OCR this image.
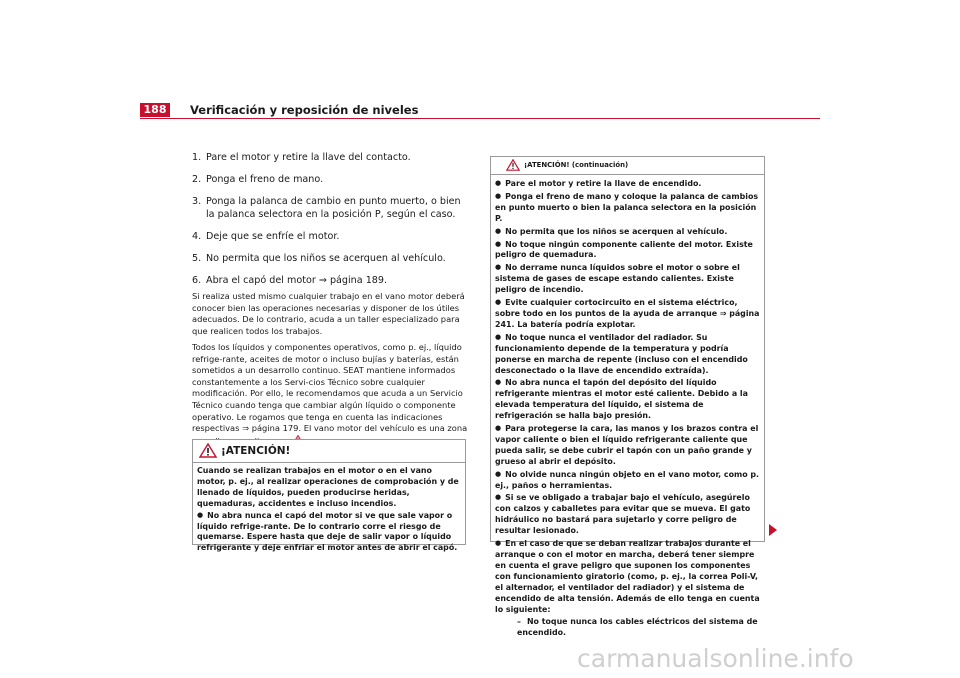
188	Verificación y reposición de niveles
1. Pare el motor y retire la llave del contacto.
2. Ponga el freno de mano.
3. Ponga la palanca de cambio en punto muerto, o bien la palanca selectora en la posición P, según el caso.
4. Deje que se enfríe el motor.
5. No permita que los niños se acerquen al vehículo.
6. Abra el capó del motor ⇒ página 189.

Si realiza usted mismo cualquier trabajo en el vano motor deberá conocer bien las operaciones necesarias y disponer de los útiles adecuados. De lo contrario, acuda a un taller especializado para que realicen todos los trabajos.

Todos los líquidos y componentes operativos, como p. ej., líquido refrige-rante, aceites de motor o incluso bujías y baterías, están sometidos a un desarrollo continuo. SEAT mantiene informados constantemente a los Servi-cios Técnico sobre cualquier modificación. Por ello, le recomendamos que acuda a un Servicio Técnico cuando tenga que cambiar algún líquido o componente operativo. Le rogamos que tenga en cuenta las indicaciones respectivas ⇒ página 179. El vano motor del vehículo es una zona

¡ATENCIÓN!

Cuando se realizan trabajos en el motor o en el vano motor, p. ej., al realizar operaciones de comprobación y de llenado de líquidos, pueden producirse heridas, quemaduras, accidentes e incluso incendios.

● No abra nunca el capó del motor si ve que sale vapor o líquido refrige-rante. De lo contrario corre el riesgo de quemarse. Espere hasta que deje de salir vapor o líquido refrigerante y deje enfriar el motor antes de abrir el capó.

¡ATENCIÓN! (continuación)

● Pare el motor y retire la llave de encendido.

● Ponga el freno de mano y coloque la palanca de cambios en punto muerto o bien la palanca selectora en la posición P.

● No permita que los niños se acerquen al vehículo.

● No toque ningún componente caliente del motor. Existe peligro de quemadura.

● No derrame nunca líquidos sobre el motor o sobre el sistema de gases de escape estando calientes. Existe peligro de incendio.

● Evite cualquier cortocircuito en el sistema eléctrico, sobre todo en los puntos de la ayuda de arranque ⇒ página 241. La batería podría explotar.

● No toque nunca el ventilador del radiador. Su funcionamiento depende de la temperatura y podría ponerse en marcha de repente (incluso con el encendido desconectado o la llave de encendido extraída).

● No abra nunca el tapón del depósito del líquido refrigerante mientras el motor esté caliente. Debido a la elevada temperatura del líquido, el sistema de refrigeración se halla bajo presión.

● Para protegerse la cara, las manos y los brazos contra el vapor caliente o bien el líquido refrigerante caliente que pueda salir, se debe cubrir el tapón con un paño grande y grueso al abrir el depósito.

● No olvide nunca ningún objeto en el vano motor, como p. ej., paños o herramientas.

● Si se ve obligado a trabajar bajo el vehículo, asegúrelo con calzos y caballetes para evitar que se mueva. El gato hidráulico no bastará para sujetarlo y corre peligro de resultar lesionado.

● En el caso de que se deban realizar trabajos durante el arranque o con el motor en marcha, deberá tener siempre en cuenta el grave peligro que suponen los componentes con funcionamiento giratorio (como, p. ej., la correa Poli-V, el alternador, el ventilador del radiador) y el sistema de encendido de alta tensión. Además de ello tenga en cuenta lo siguiente:

– No toque nunca los cables eléctricos del sistema de encendido.

carmanualsonline.info
